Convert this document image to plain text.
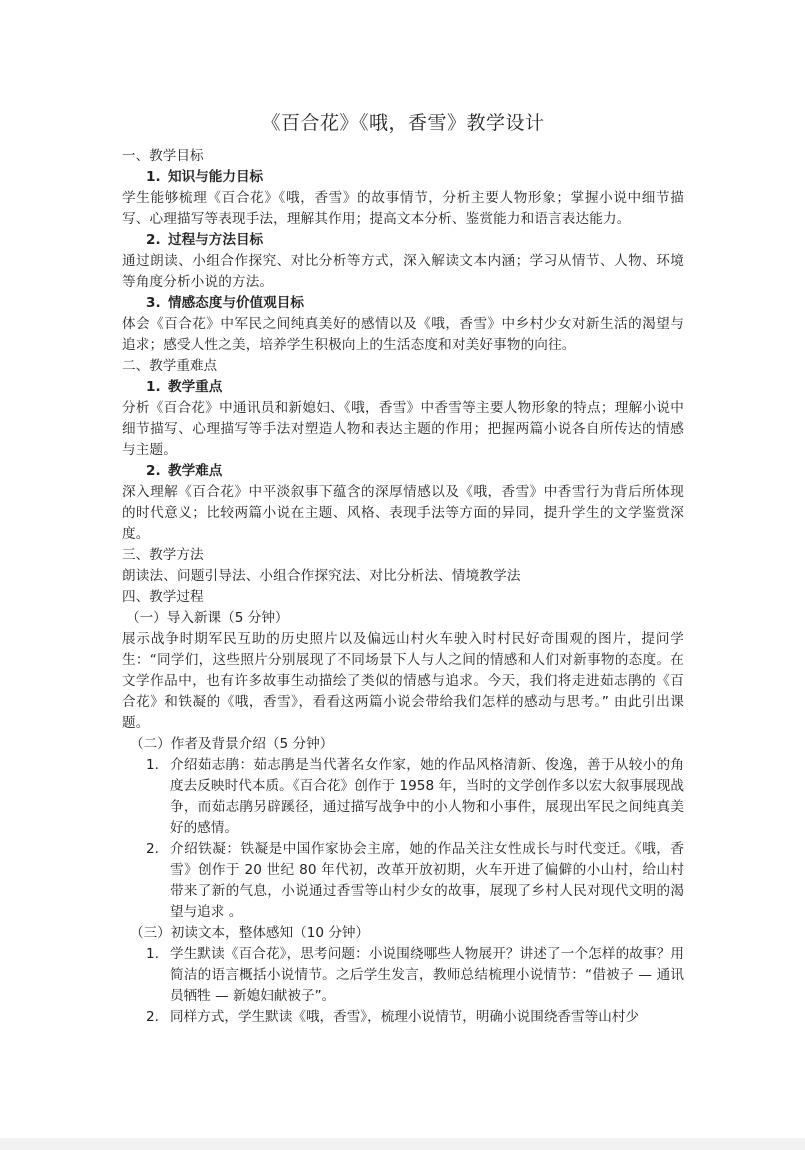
《百合花》《哦，香雪》教学设计

一、教学目标

1. 知识与能力目标

学生能够梳理《百合花》《哦，香雪》的故事情节，分析主要人物形象；掌握小说中细节描写、心理描写等表现手法，理解其作用；提高文本分析、鉴赏能力和语言表达能力。

2. 过程与方法目标

通过朗读、小组合作探究、对比分析等方式，深入解读文本内涵；学习从情节、人物、环境等角度分析小说的方法。

3. 情感态度与价值观目标

体会《百合花》中军民之间纯真美好的感情以及《哦，香雪》中乡村少女对新生活的渴望与追求；感受人性之美，培养学生积极向上的生活态度和对美好事物的向往。

二、教学重难点

1. 教学重点

分析《百合花》中通讯员和新媳妇、《哦，香雪》中香雪等主要人物形象的特点；理解小说中细节描写、心理描写等手法对塑造人物和表达主题的作用；把握两篇小说各自所传达的情感与主题。

2. 教学难点

深入理解《百合花》中平淡叙事下蕴含的深厚情感以及《哦，香雪》中香雪行为背后所体现的时代意义；比较两篇小说在主题、风格、表现手法等方面的异同，提升学生的文学鉴赏深度。

三、教学方法

朗读法、问题引导法、小组合作探究法、对比分析法、情境教学法

四、教学过程

（一）导入新课（5 分钟）

展示战争时期军民互助的历史照片以及偏远山村火车驶入时村民好奇围观的图片，提问学生：“同学们，这些照片分别展现了不同场景下人与人之间的情感和人们对新事物的态度。在文学作品中，也有许多故事生动描绘了类似的情感与追求。今天，我们将走进茹志鹃的《百合花》和铁凝的《哦，香雪》，看看这两篇小说会带给我们怎样的感动与思考。” 由此引出课题。

（二）作者及背景介绍（5 分钟）

1. 介绍茹志鹃：茹志鹃是当代著名女作家，她的作品风格清新、俊逸，善于从较小的角度去反映时代本质。《百合花》创作于 1958 年，当时的文学创作多以宏大叙事展现战争，而茹志鹃另辟蹊径，通过描写战争中的小人物和小事件，展现出军民之间纯真美好的感情。
2. 介绍铁凝：铁凝是中国作家协会主席，她的作品关注女性成长与时代变迁。《哦，香雪》创作于 20 世纪 80 年代初，改革开放初期，火车开进了偏僻的小山村，给山村带来了新的气息，小说通过香雪等山村少女的故事，展现了乡村人民对现代文明的渴望与追求 。

（三）初读文本，整体感知（10 分钟）

1. 学生默读《百合花》，思考问题：小说围绕哪些人物展开？讲述了一个怎样的故事？用简洁的语言概括小说情节。之后学生发言，教师总结梳理小说情节：“借被子 — 通讯员牺牲 — 新媳妇献被子”。
2. 同样方式，学生默读《哦，香雪》，梳理小说情节，明确小说围绕香雪等山村少
